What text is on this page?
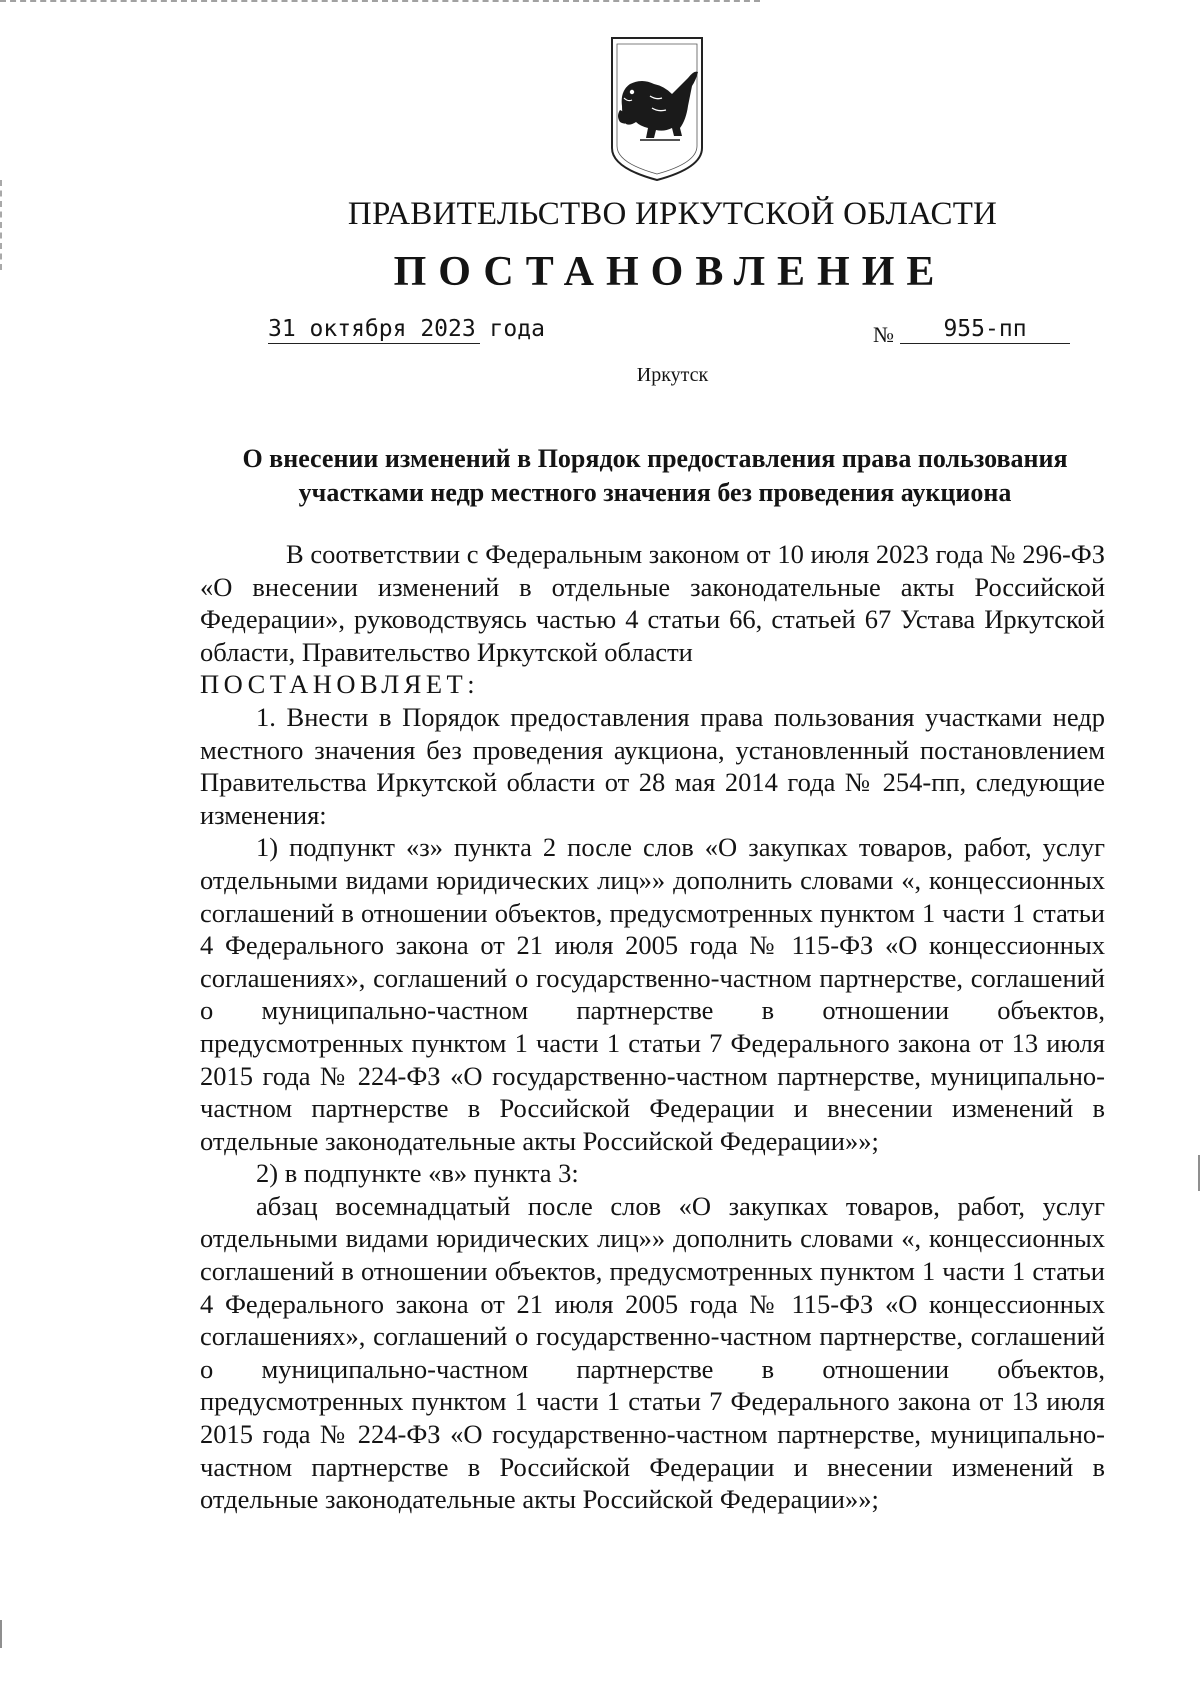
ПРАВИТЕЛЬСТВО ИРКУТСКОЙ ОБЛАСТИ
ПОСТАНОВЛЕНИЕ
31 октября 2023 года	№	955-пп
Иркутск
О внесении изменений в Порядок предоставления права пользования
участками недр местного значения без проведения аукциона

В соответствии с Федеральным законом от 10 июля 2023 года № 296-ФЗ «О внесении изменений в отдельные законодательные акты Российской Федерации», руководствуясь частью 4 статьи 66, статьей 67 Устава Иркутской области, Правительство Иркутской области

ПОСТАНОВЛЯЕТ:

1. Внести в Порядок предоставления права пользования участками недр местного значения без проведения аукциона, установленный постановлением Правительства Иркутской области от 28 мая 2014 года № 254-пп, следующие изменения:

1) подпункт «з» пункта 2 после слов «О закупках товаров, работ, услуг отдельными видами юридических лиц»» дополнить словами «, концессионных соглашений в отношении объектов, предусмотренных пунктом 1 части 1 статьи 4 Федерального закона от 21 июля 2005 года № 115-ФЗ «О концессионных соглашениях», соглашений о государственно-частном партнерстве, соглашений о муниципально-частном партнерстве в отношении объектов, предусмотренных пунктом 1 части 1 статьи 7 Федерального закона от 13 июля 2015 года № 224-ФЗ «О государственно-частном партнерстве, муниципально-частном партнерстве в Российской Федерации и внесении изменений в отдельные законодательные акты Российской Федерации»»;

2) в подпункте «в» пункта 3:

абзац восемнадцатый после слов «О закупках товаров, работ, услуг отдельными видами юридических лиц»» дополнить словами «, концессионных соглашений в отношении объектов, предусмотренных пунктом 1 части 1 статьи 4 Федерального закона от 21 июля 2005 года № 115-ФЗ «О концессионных соглашениях», соглашений о государственно-частном партнерстве, соглашений о муниципально-частном партнерстве в отношении объектов, предусмотренных пунктом 1 части 1 статьи 7 Федерального закона от 13 июля 2015 года № 224-ФЗ «О государственно-частном партнерстве, муниципально-частном партнерстве в Российской Федерации и внесении изменений в отдельные законодательные акты Российской Федерации»»;
